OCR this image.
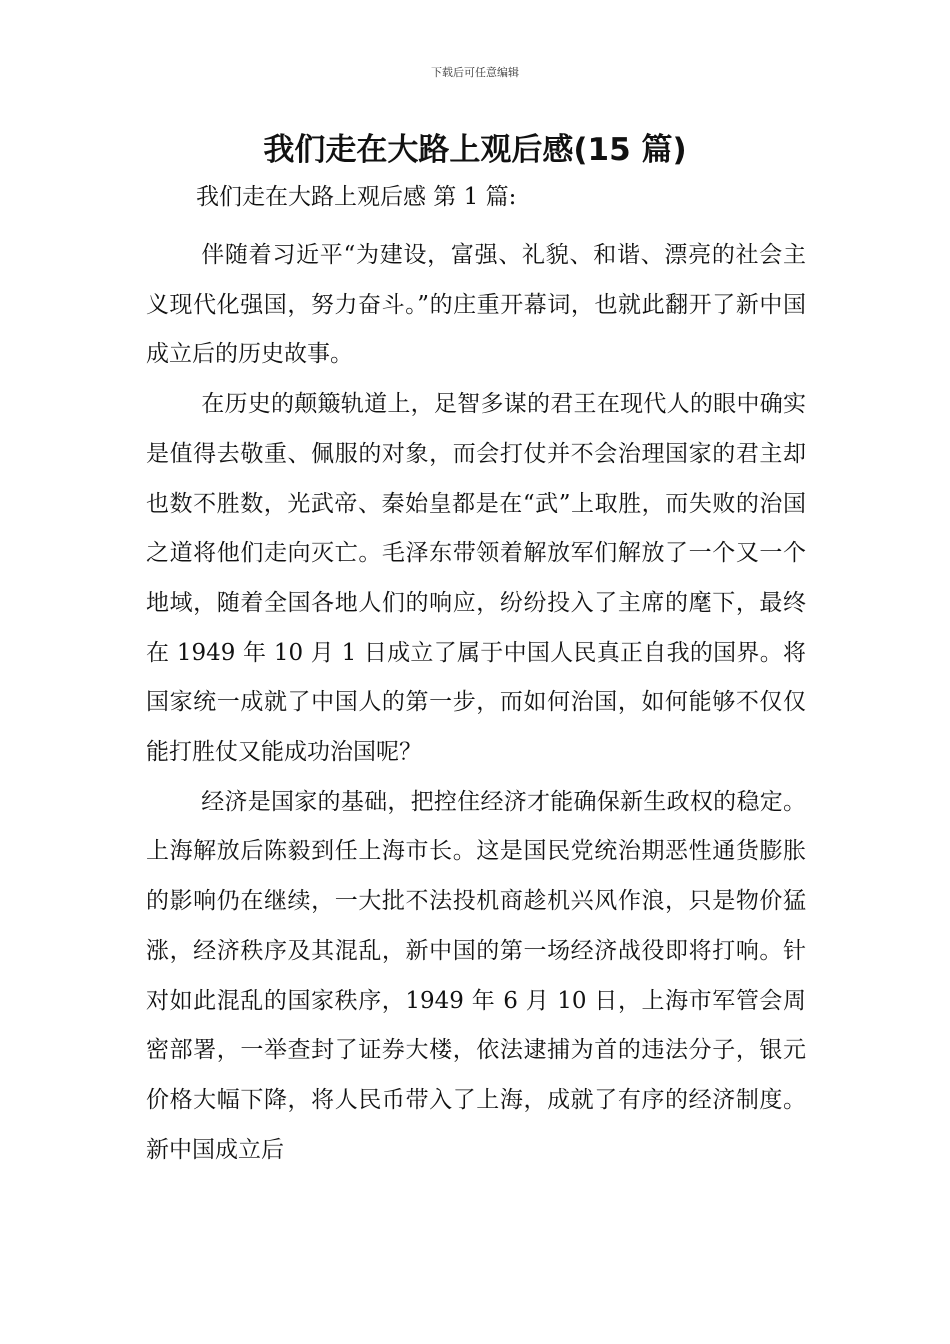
下载后可任意编辑
我们走在大路上观后感(15 篇)

我们走在大路上观后感 第 1 篇:

伴随着习近平“为建设，富强、礼貌、和谐、漂亮的社会主义现代化强国，努力奋斗。”的庄重开幕词，也就此翻开了新中国成立后的历史故事。

在历史的颠簸轨道上，足智多谋的君王在现代人的眼中确实是值得去敬重、佩服的对象，而会打仗并不会治理国家的君主却也数不胜数，光武帝、秦始皇都是在“武”上取胜，而失败的治国之道将他们走向灭亡。毛泽东带领着解放军们解放了一个又一个地域，随着全国各地人们的响应，纷纷投入了主席的麾下，最终在 1949 年 10 月 1 日成立了属于中国人民真正自我的国界。将国家统一成就了中国人的第一步，而如何治国，如何能够不仅仅能打胜仗又能成功治国呢？

经济是国家的基础，把控住经济才能确保新生政权的稳定。上海解放后陈毅到任上海市长。这是国民党统治期恶性通货膨胀的影响仍在继续，一大批不法投机商趁机兴风作浪，只是物价猛涨，经济秩序及其混乱，新中国的第一场经济战役即将打响。针对如此混乱的国家秩序，1949 年 6 月 10 日，上海市军管会周密部署，一举查封了证券大楼，依法逮捕为首的违法分子，银元价格大幅下降，将人民币带入了上海，成就了有序的经济制度。新中国成立后
